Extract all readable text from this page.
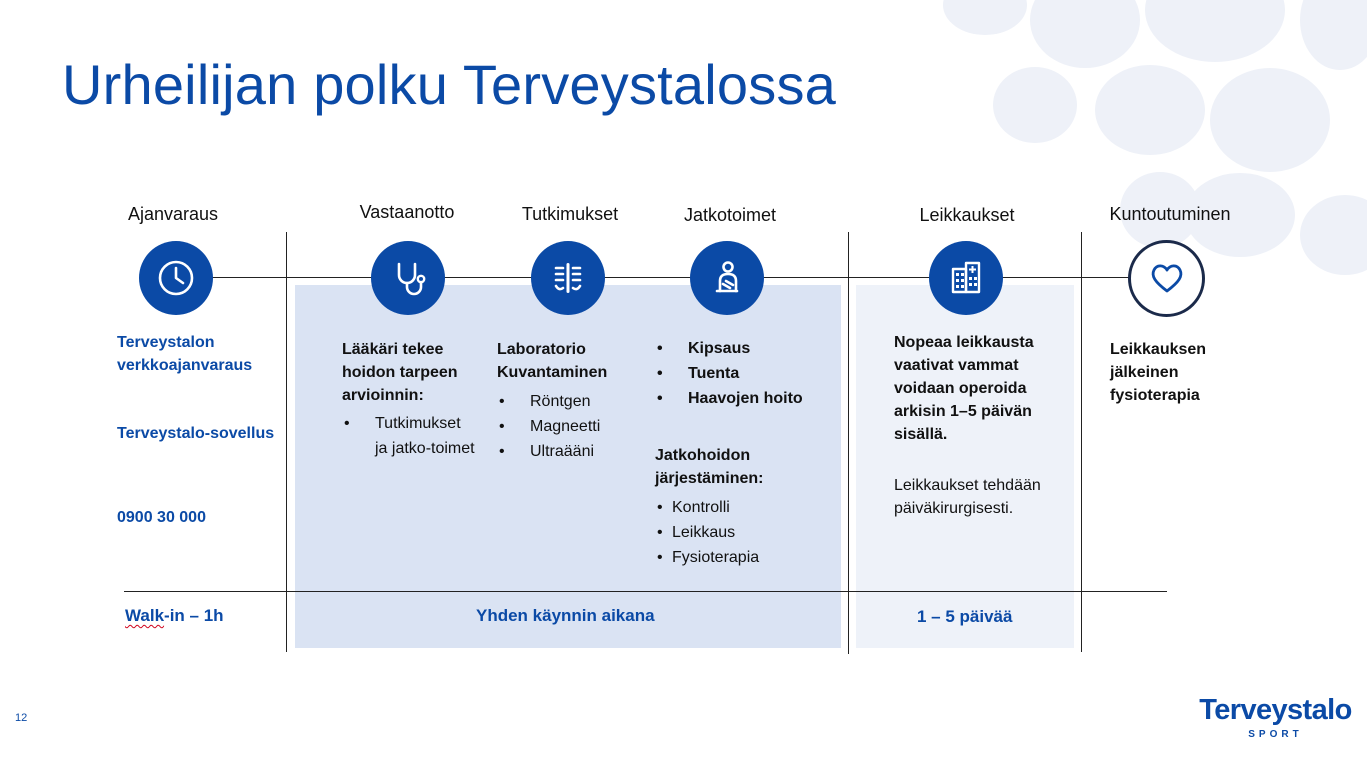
Urheilijan polku Terveystalossa
Ajanvaraus	Vastaanotto	Tutkimukset	Jatkotoimet	Leikkaukset	Kuntoutuminen
Terveystalon verkkoajanvaraus
Terveystalo-sovellus
0900 30 000
Lääkäri tekee hoidon tarpeen arvioinnin:
• Tutkimukset ja jatko-toimet
Laboratorio
Kuvantaminen
• Röntgen
• Magneetti
• Ultraääni
• Kipsaus
• Tuenta
• Haavojen hoito
Jatkohoidon järjestäminen:
• Kontrolli
• Leikkaus
• Fysioterapia
Nopeaa leikkausta vaativat vammat voidaan operoida arkisin 1–5 päivän sisällä.
Leikkaukset tehdään päiväkirurgisesti.
Leikkauksen jälkeinen fysioterapia
Walk-in – 1h	Yhden käynnin aikana	1 – 5 päivää
Terveystalo
SPORT
12
